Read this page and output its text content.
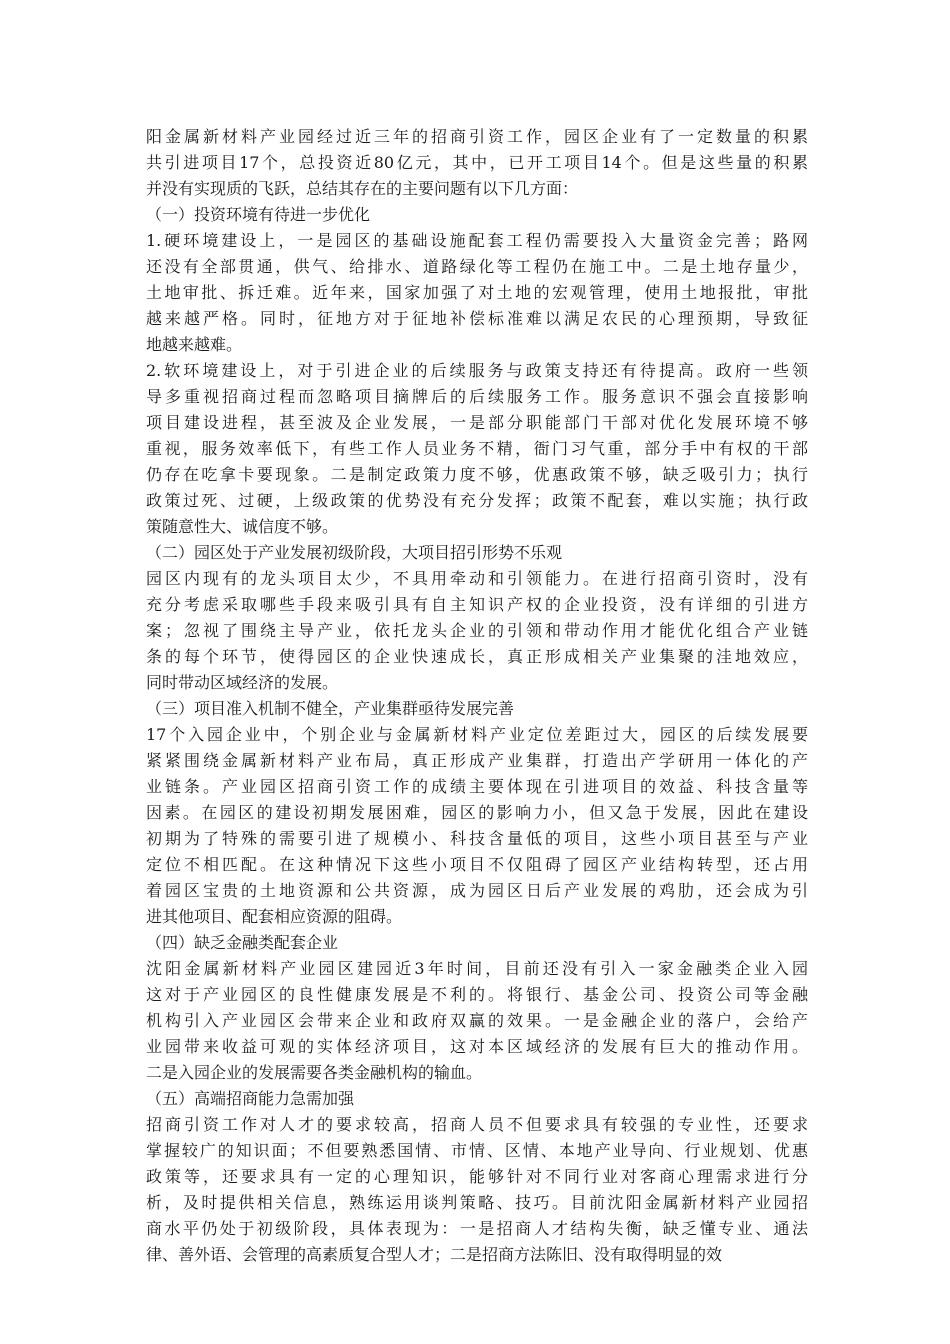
阳金属新材料产业园经过近三年的招商引资工作，园区企业有了一定数量的积累
共引进项目17个，总投资近80亿元，其中，已开工项目14个。但是这些量的积累
并没有实现质的飞跃，总结其存在的主要问题有以下几方面：
（一）投资环境有待进一步优化
1.硬环境建设上，一是园区的基础设施配套工程仍需要投入大量资金完善；路网
还没有全部贯通，供气、给排水、道路绿化等工程仍在施工中。二是土地存量少，
土地审批、拆迁难。近年来，国家加强了对土地的宏观管理，使用土地报批，审批
越来越严格。同时，征地方对于征地补偿标准难以满足农民的心理预期，导致征
地越来越难。
2.软环境建设上，对于引进企业的后续服务与政策支持还有待提高。政府一些领
导多重视招商过程而忽略项目摘牌后的后续服务工作。服务意识不强会直接影响
项目建设进程，甚至波及企业发展，一是部分职能部门干部对优化发展环境不够
重视，服务效率低下，有些工作人员业务不精，衙门习气重，部分手中有权的干部
仍存在吃拿卡要现象。二是制定政策力度不够，优惠政策不够，缺乏吸引力；执行
政策过死、过硬，上级政策的优势没有充分发挥；政策不配套，难以实施；执行政
策随意性大、诚信度不够。
（二）园区处于产业发展初级阶段，大项目招引形势不乐观
园区内现有的龙头项目太少，不具用牵动和引领能力。在进行招商引资时，没有
充分考虑采取哪些手段来吸引具有自主知识产权的企业投资，没有详细的引进方
案；忽视了围绕主导产业，依托龙头企业的引领和带动作用才能优化组合产业链
条的每个环节，使得园区的企业快速成长，真正形成相关产业集聚的洼地效应，
同时带动区域经济的发展。
（三）项目准入机制不健全，产业集群亟待发展完善
17个入园企业中，个别企业与金属新材料产业定位差距过大，园区的后续发展要
紧紧围绕金属新材料产业布局，真正形成产业集群，打造出产学研用一体化的产
业链条。产业园区招商引资工作的成绩主要体现在引进项目的效益、科技含量等
因素。在园区的建设初期发展困难，园区的影响力小，但又急于发展，因此在建设
初期为了特殊的需要引进了规模小、科技含量低的项目，这些小项目甚至与产业
定位不相匹配。在这种情况下这些小项目不仅阻碍了园区产业结构转型，还占用
着园区宝贵的土地资源和公共资源，成为园区日后产业发展的鸡肋，还会成为引
进其他项目、配套相应资源的阻碍。
（四）缺乏金融类配套企业
沈阳金属新材料产业园区建园近3年时间，目前还没有引入一家金融类企业入园
这对于产业园区的良性健康发展是不利的。将银行、基金公司、投资公司等金融
机构引入产业园区会带来企业和政府双赢的效果。一是金融企业的落户，会给产
业园带来收益可观的实体经济项目，这对本区域经济的发展有巨大的推动作用。
二是入园企业的发展需要各类金融机构的输血。
（五）高端招商能力急需加强
招商引资工作对人才的要求较高，招商人员不但要求具有较强的专业性，还要求
掌握较广的知识面；不但要熟悉国情、市情、区情、本地产业导向、行业规划、优惠
政策等，还要求具有一定的心理知识，能够针对不同行业对客商心理需求进行分
析，及时提供相关信息，熟练运用谈判策略、技巧。目前沈阳金属新材料产业园招
商水平仍处于初级阶段，具体表现为：一是招商人才结构失衡，缺乏懂专业、通法
律、善外语、会管理的高素质复合型人才；二是招商方法陈旧、没有取得明显的效
